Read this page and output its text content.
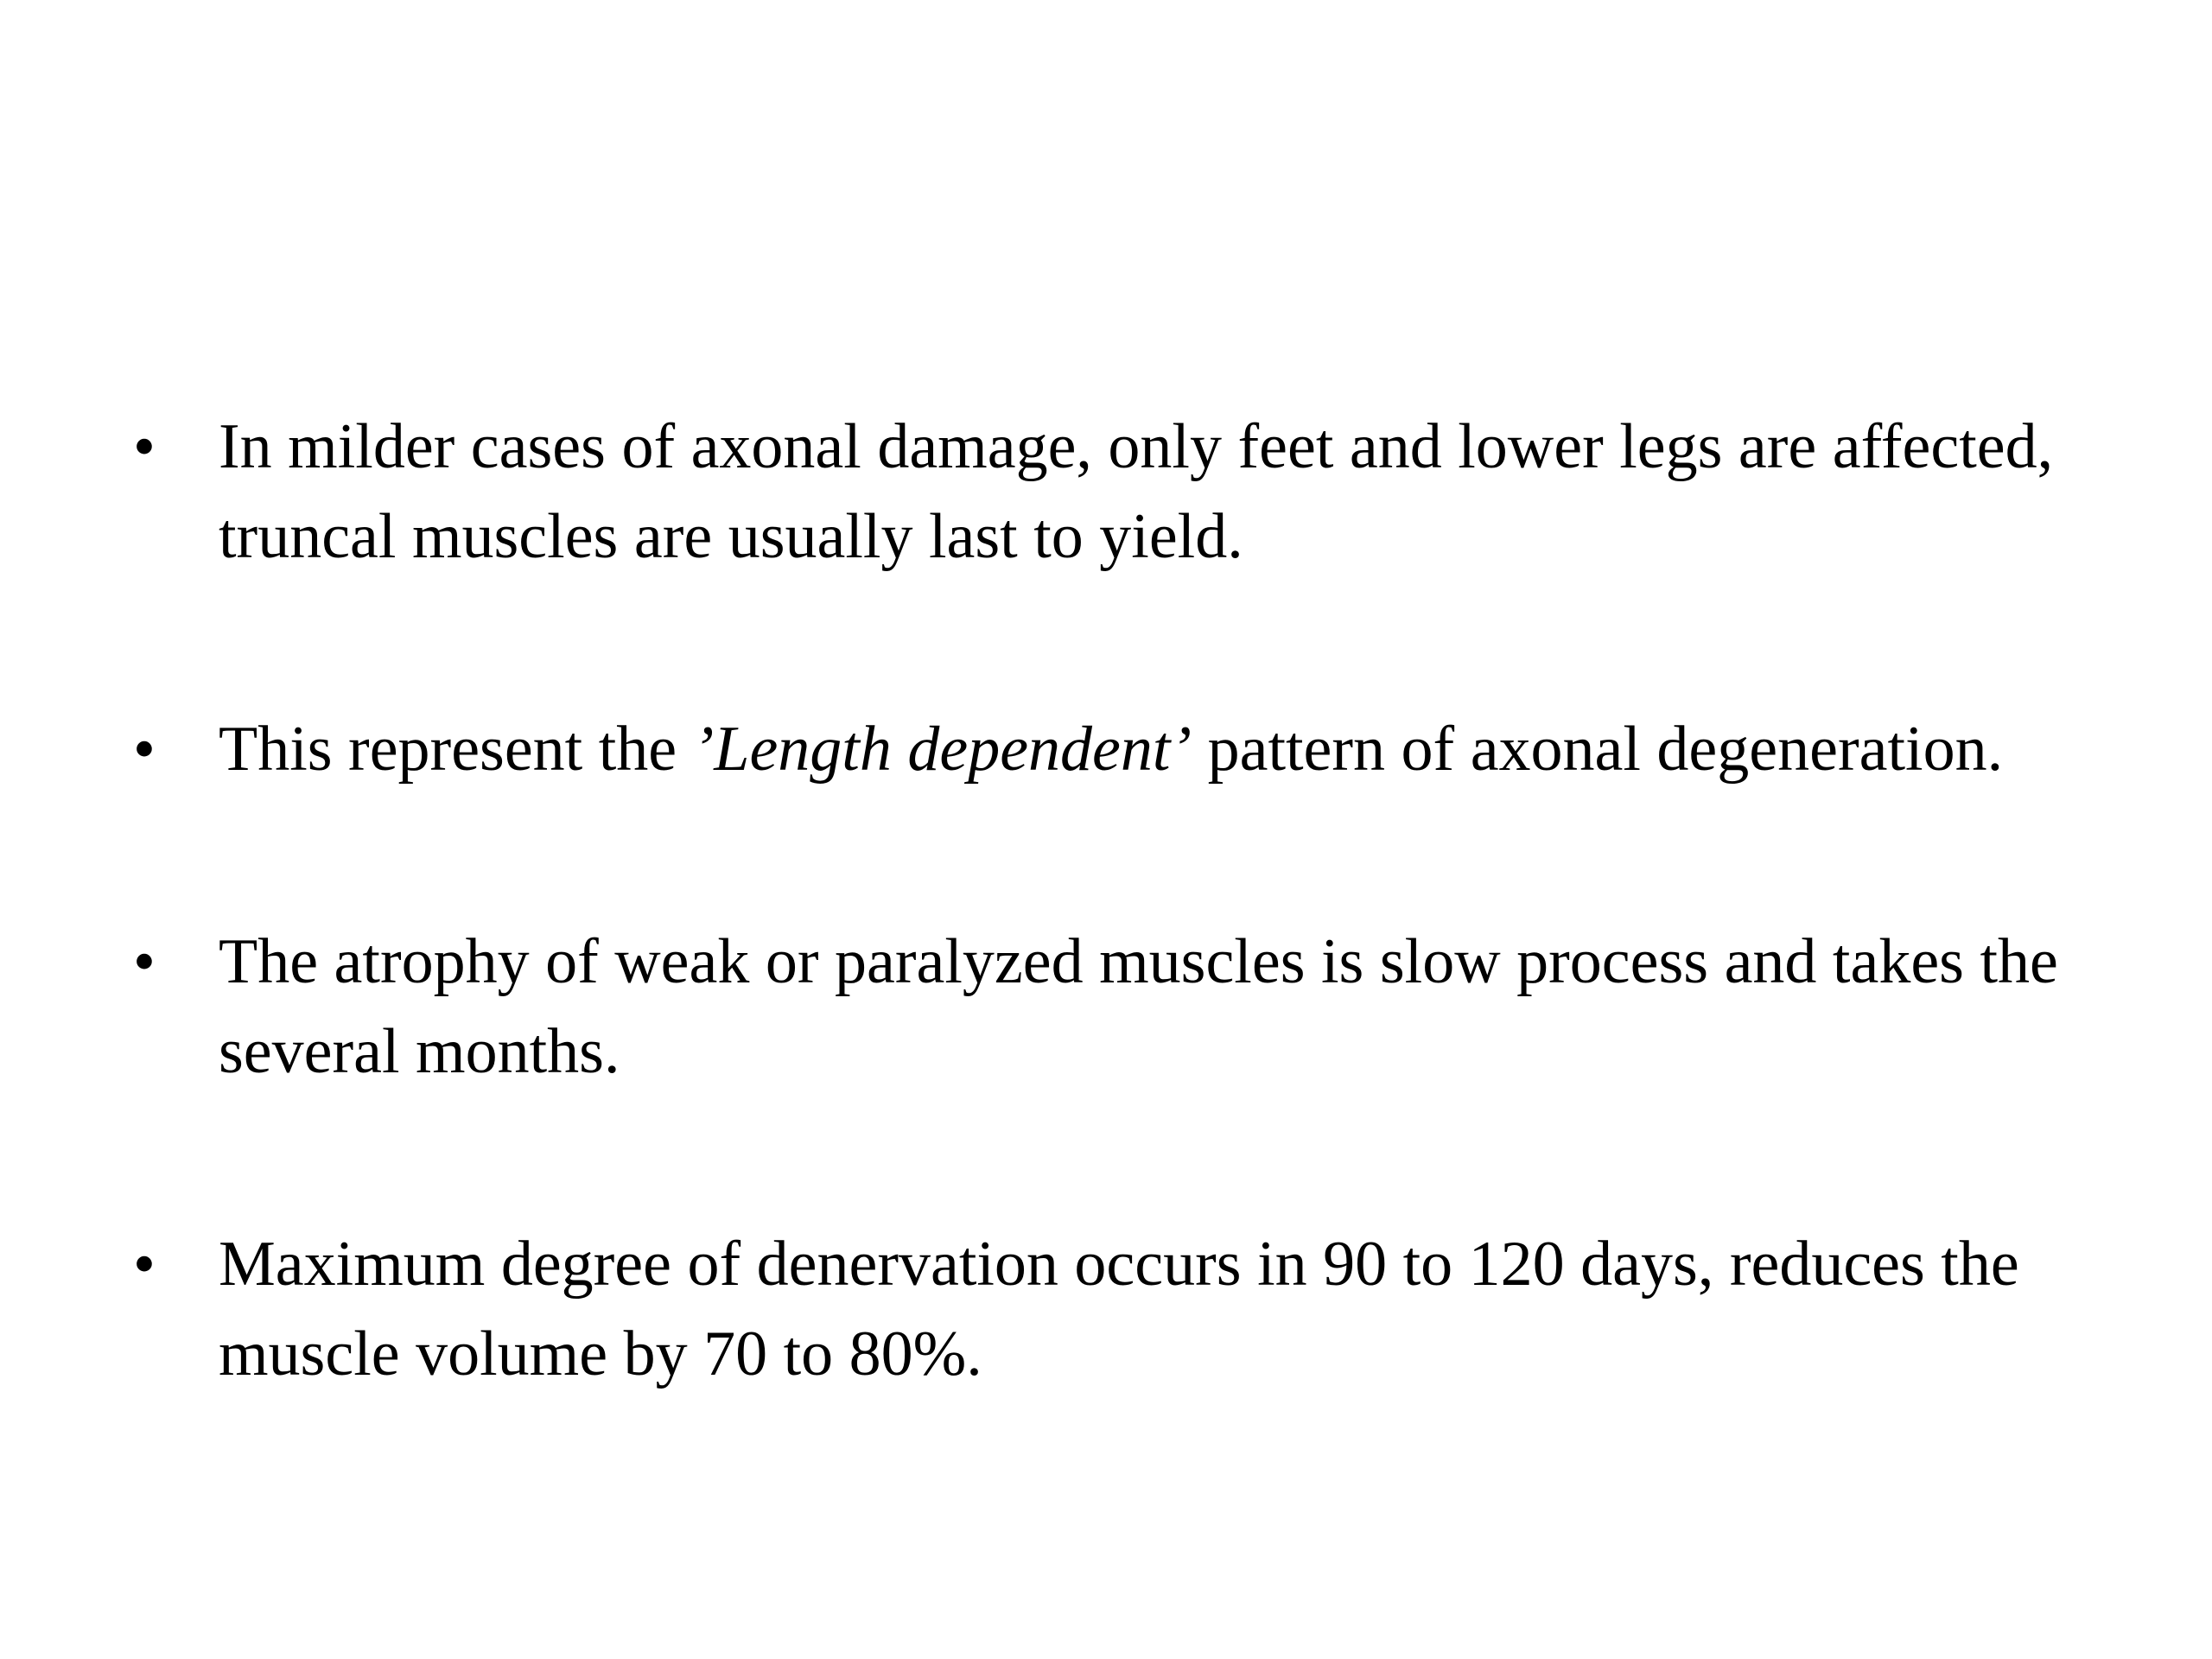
• In milder cases of axonal damage, only feet and lower legs are affected, truncal muscles are usually last to yield.
• This represent the ’Length dependent’ pattern of axonal degeneration.
• The atrophy of weak or paralyzed muscles is slow process and takes the several months.
• Maximum degree of denervation occurs in 90 to 120 days, reduces the muscle volume by 70 to 80%.
